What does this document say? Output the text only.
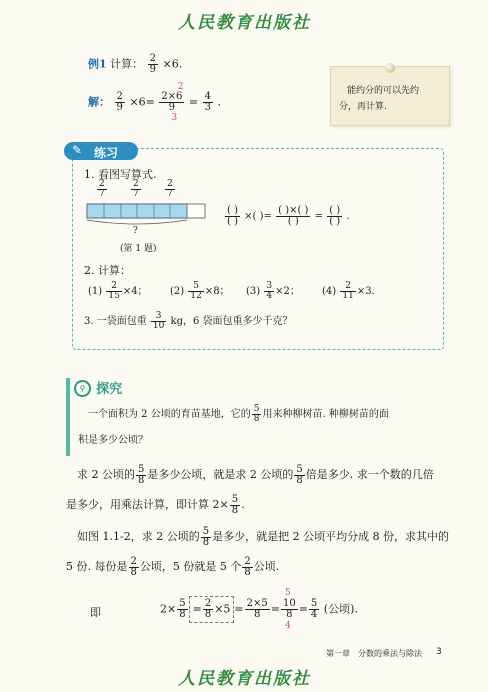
人民教育出版社
例1 计算： $\frac{2}{9} \times 6$.
解： $\frac{2}{9} \times 6= 2\times 6$
9
2
3
= $\frac{4}{3}$ .
能约分的可以先约
分，再计算.
✎ 练习
1. 看图写算式.
$\frac{2}{7}$	$\frac{2}{7}$	$\frac{2}{7}$
?
(第 1 题)
$\frac{( )}{( )}$ ×( )= $\frac{( )\times( )}{( )} = \frac{( )}{( )}$ .
2. 计算：
$(1) \frac{2}{15} \times 4$； $(2) \frac{5}{12} \times 8$； $(3) \frac{3}{4} \times 2$； $(4) \frac{2}{11} \times 3$.
3. 一袋面包重 $\frac{3}{10}$ kg，6 袋面包重多少千克？
⚲ 探究
　一个面积为 2 公顷的育苗基地，它的 $\frac{5}{8}$ 用来种柳树苗. 种柳树苗的面
积是多少公顷？
　求 2 公顷的 $\frac{5}{8}$ 是多少公顷，就是求 2 公顷的 $\frac{5}{8}$ 倍是多少. 求一个数的几倍
是多少，用乘法计算，即计算 $2\times \frac{5}{8}$ .
　如图 1.1-2，求 2 公顷的 $\frac{5}{8}$ 是多少，就是把 2 公顷平均分成 8 份，求其中的
5 份. 每份是 $\frac{2}{8}$ 公顷，5 份就是 5 个 $\frac{2}{8}$ 公顷.
即	$2\times \frac{5}{8} = \frac{2}{8} \times 5 = \frac{2\times 5}{8} = 10$
8
5
4
= $\frac{5}{4}$ (公顷).
第一章　分数的乘法与除法 3
人民教育出版社
